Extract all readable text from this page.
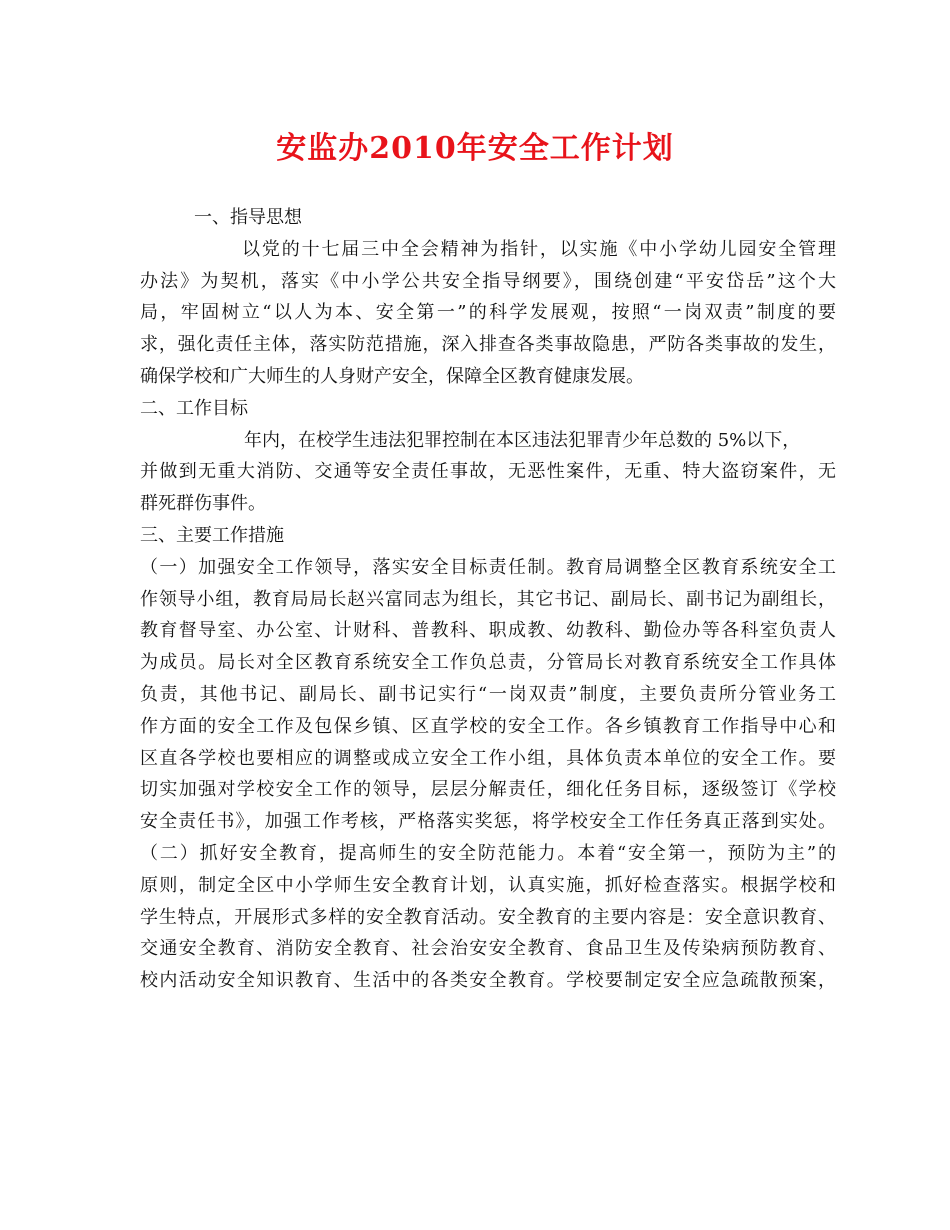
安监办2010年安全工作计划
一、指导思想
以党的十七届三中全会精神为指针，以实施《中小学幼儿园安全管理
办法》为契机，落实《中小学公共安全指导纲要》，围绕创建“平安岱岳”这个大
局，牢固树立“以人为本、安全第一”的科学发展观，按照“一岗双责”制度的要
求，强化责任主体，落实防范措施，深入排查各类事故隐患，严防各类事故的发生，
确保学校和广大师生的人身财产安全，保障全区教育健康发展。
二、工作目标
年内，在校学生违法犯罪控制在本区违法犯罪青少年总数的 5%以下，
并做到无重大消防、交通等安全责任事故，无恶性案件，无重、特大盗窃案件，无
群死群伤事件。
三、主要工作措施
（一）加强安全工作领导，落实安全目标责任制。教育局调整全区教育系统安全工
作领导小组，教育局局长赵兴富同志为组长，其它书记、副局长、副书记为副组长，
教育督导室、办公室、计财科、普教科、职成教、幼教科、勤俭办等各科室负责人
为成员。局长对全区教育系统安全工作负总责，分管局长对教育系统安全工作具体
负责，其他书记、副局长、副书记实行“一岗双责”制度，主要负责所分管业务工
作方面的安全工作及包保乡镇、区直学校的安全工作。各乡镇教育工作指导中心和
区直各学校也要相应的调整或成立安全工作小组，具体负责本单位的安全工作。要
切实加强对学校安全工作的领导，层层分解责任，细化任务目标，逐级签订《学校
安全责任书》，加强工作考核，严格落实奖惩，将学校安全工作任务真正落到实处。
（二）抓好安全教育，提高师生的安全防范能力。本着“安全第一，预防为主”的
原则，制定全区中小学师生安全教育计划，认真实施，抓好检查落实。根据学校和
学生特点，开展形式多样的安全教育活动。安全教育的主要内容是：安全意识教育、
交通安全教育、消防安全教育、社会治安安全教育、食品卫生及传染病预防教育、
校内活动安全知识教育、生活中的各类安全教育。学校要制定安全应急疏散预案，
